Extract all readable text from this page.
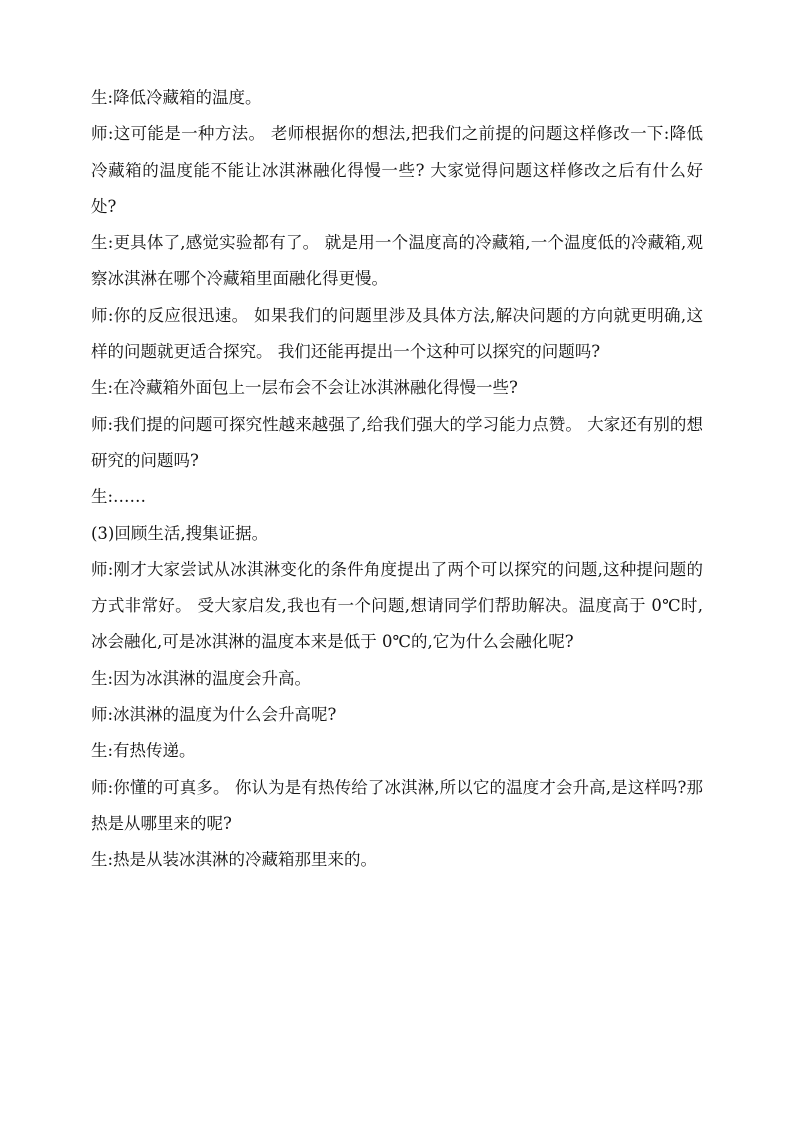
生:降低冷藏箱的温度。

师:这可能是一种方法。 老师根据你的想法,把我们之前提的问题这样修改一下:降低冷藏箱的温度能不能让冰淇淋融化得慢一些? 大家觉得问题这样修改之后有什么好处?

生:更具体了,感觉实验都有了。 就是用一个温度高的冷藏箱,一个温度低的冷藏箱,观察冰淇淋在哪个冷藏箱里面融化得更慢。

师:你的反应很迅速。 如果我们的问题里涉及具体方法,解决问题的方向就更明确,这样的问题就更适合探究。 我们还能再提出一个这种可以探究的问题吗?

生:在冷藏箱外面包上一层布会不会让冰淇淋融化得慢一些?

师:我们提的问题可探究性越来越强了,给我们强大的学习能力点赞。 大家还有别的想研究的问题吗?

生:……

(3)回顾生活,搜集证据。

师:刚才大家尝试从冰淇淋变化的条件角度提出了两个可以探究的问题,这种提问题的方式非常好。 受大家启发,我也有一个问题,想请同学们帮助解决。温度高于 0℃时,冰会融化,可是冰淇淋的温度本来是低于 0℃的,它为什么会融化呢?

生:因为冰淇淋的温度会升高。

师:冰淇淋的温度为什么会升高呢?

生:有热传递。

师:你懂的可真多。 你认为是有热传给了冰淇淋,所以它的温度才会升高,是这样吗?那热是从哪里来的呢?

生:热是从装冰淇淋的冷藏箱那里来的。
